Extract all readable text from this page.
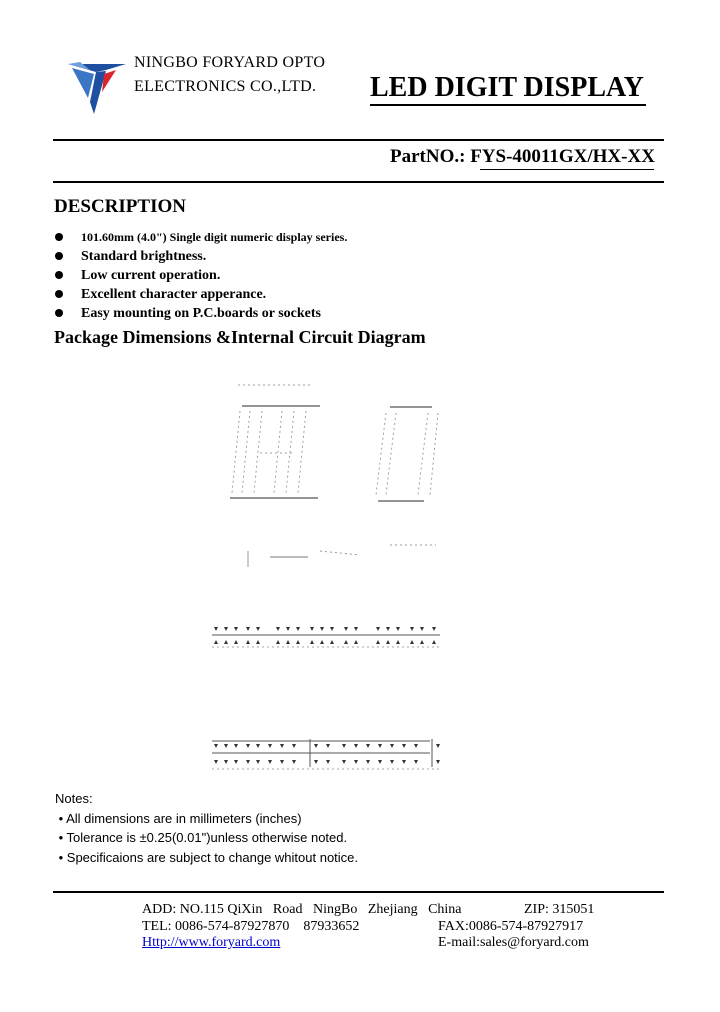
NINGBO FORYARD OPTO
ELECTRONICS CO.,LTD. LED DIGIT DISPLAY
PartNO.: FYS-40011GX/HX-XX
DESCRIPTION
101.60mm (4.0") Single digit numeric display series.
Standard brightness.
Low current operation.
Excellent character apperance.
Easy mounting on P.C.boards or sockets
Package Dimensions &Internal Circuit Diagram
Notes:
• All dimensions are in millimeters (inches)
• Tolerance is ±0.25(0.01")unless otherwise noted.
• Specificaions are subject to change whitout notice.
ADD: NO.115 QiXin   Road   NingBo   Zhejiang   China
TEL: 0086-574-87927870    87933652
Http://www.foryard.com
ZIP: 315051
FAX:0086-574-87927917
E-mail:sales@foryard.com
